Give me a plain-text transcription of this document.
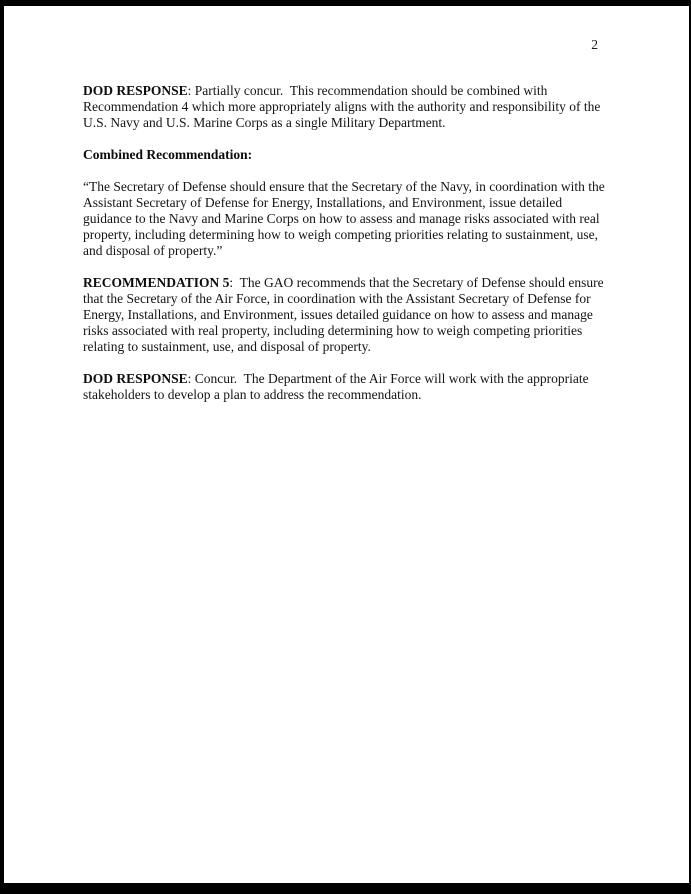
2

DOD RESPONSE: Partially concur.  This recommendation should be combined with Recommendation 4 which more appropriately aligns with the authority and responsibility of the U.S. Navy and U.S. Marine Corps as a single Military Department.

Combined Recommendation:

“The Secretary of Defense should ensure that the Secretary of the Navy, in coordination with the Assistant Secretary of Defense for Energy, Installations, and Environment, issue detailed guidance to the Navy and Marine Corps on how to assess and manage risks associated with real property, including determining how to weigh competing priorities relating to sustainment, use, and disposal of property.”

RECOMMENDATION 5:  The GAO recommends that the Secretary of Defense should ensure that the Secretary of the Air Force, in coordination with the Assistant Secretary of Defense for Energy, Installations, and Environment, issues detailed guidance on how to assess and manage risks associated with real property, including determining how to weigh competing priorities relating to sustainment, use, and disposal of property.

DOD RESPONSE: Concur.  The Department of the Air Force will work with the appropriate stakeholders to develop a plan to address the recommendation.
